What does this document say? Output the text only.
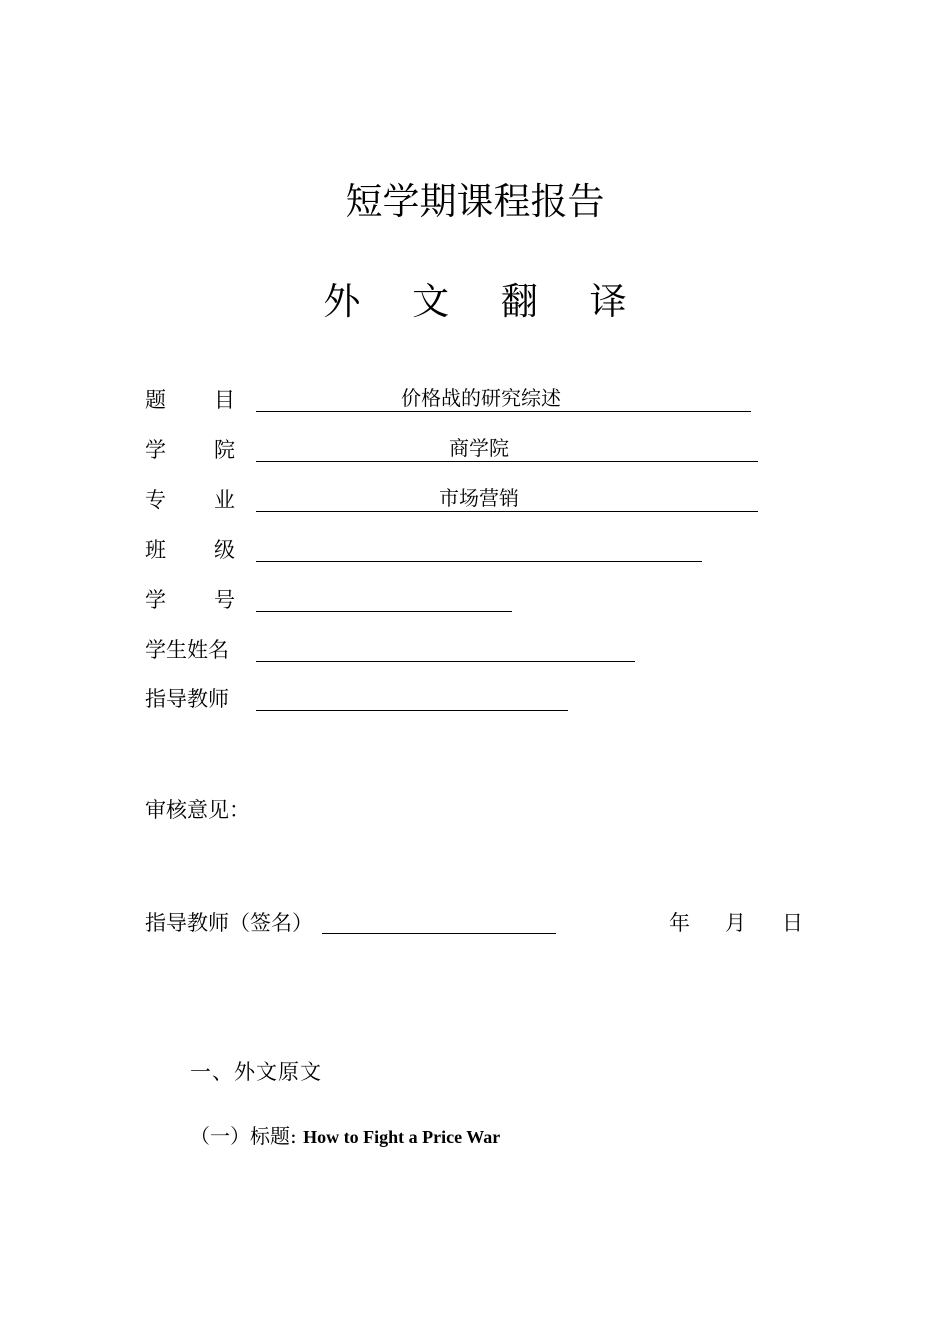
短学期课程报告
外 文 翻 译
题 目	价格战的研究综述
学 院	商学院
专 业	市场营销
班 级
学 号
学生姓名
指导教师
审核意见：
指导教师（签名）	年 月 日
一、外文原文
（一）标题: How to Fight a Price War
